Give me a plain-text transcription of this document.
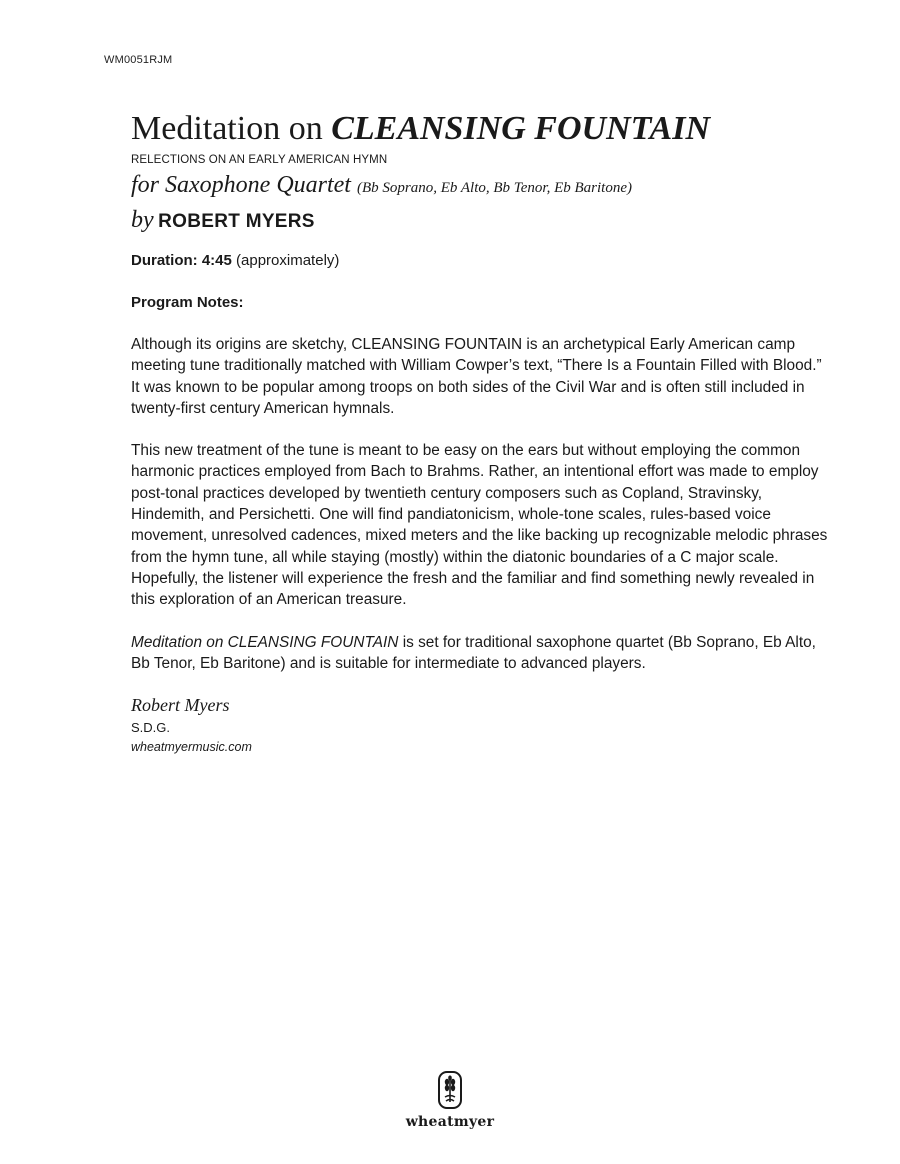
WM0051RJM
Meditation on CLEANSING FOUNTAIN
RELECTIONS ON AN EARLY AMERICAN HYMN
for Saxophone Quartet (Bb Soprano, Eb Alto, Bb Tenor, Eb Baritone)
by ROBERT MYERS
Duration: 4:45 (approximately)
Program Notes:

Although its origins are sketchy, CLEANSING FOUNTAIN is an archetypical Early American camp meeting tune traditionally matched with William Cowper’s text, “There Is a Fountain Filled with Blood.” It was known to be popular among troops on both sides of the Civil War and is often still included in twenty-first century American hymnals.

This new treatment of the tune is meant to be easy on the ears but without employing the common harmonic practices employed from Bach to Brahms. Rather, an intentional effort was made to employ post-tonal practices developed by twentieth century composers such as Copland, Stravinsky, Hindemith, and Persichetti. One will find pandiatonicism, whole-tone scales, rules-based voice movement, unresolved cadences, mixed meters and the like backing up recognizable melodic phrases from the hymn tune, all while staying (mostly) within the diatonic boundaries of a C major scale. Hopefully, the listener will experience the fresh and the familiar and find something newly revealed in this exploration of an American treasure.

Meditation on CLEANSING FOUNTAIN is set for traditional saxophone quartet (Bb Soprano, Eb Alto, Bb Tenor, Eb Baritone) and is suitable for intermediate to advanced players.

Robert Myers
S.D.G.
wheatmyermusic.com
wheatmyer
